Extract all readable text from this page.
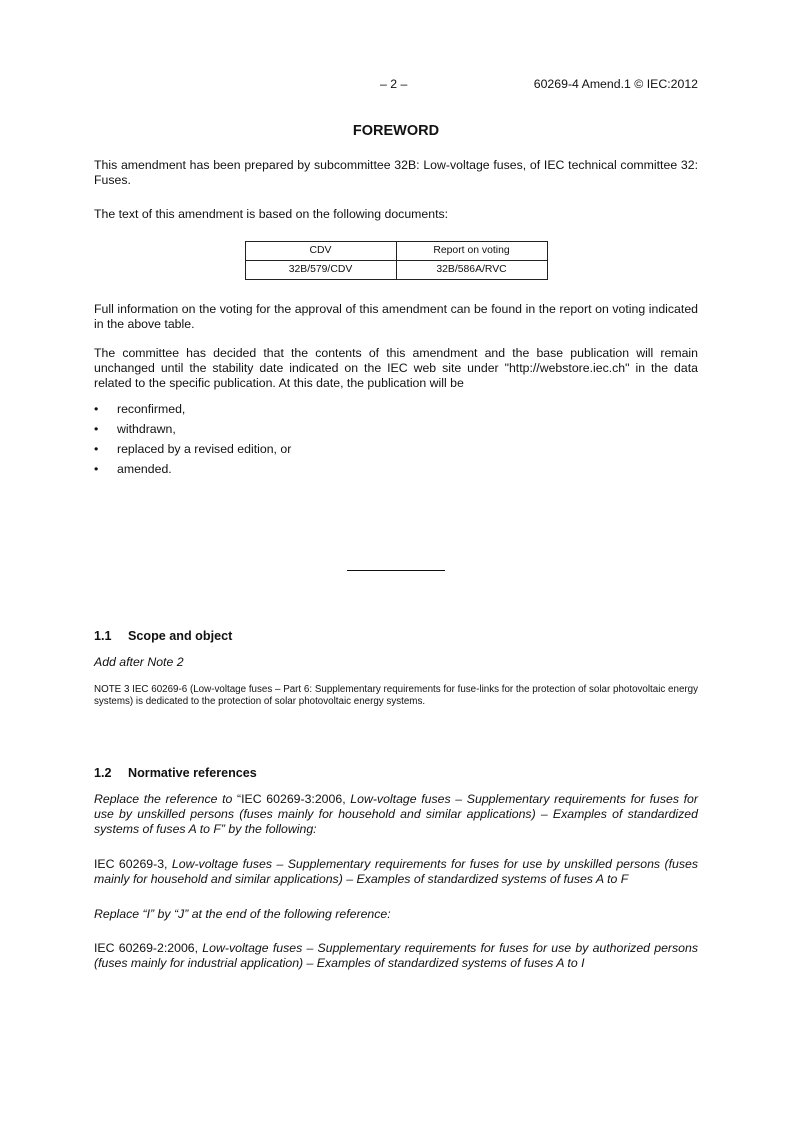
– 2 –	60269-4 Amend.1 © IEC:2012
FOREWORD

This amendment has been prepared by subcommittee 32B: Low-voltage fuses, of IEC technical committee 32: Fuses.

The text of this amendment is based on the following documents:

CDV	Report on voting
32B/579/CDV	32B/586A/RVC

Full information on the voting for the approval of this amendment can be found in the report on voting indicated in the above table.

The committee has decided that the contents of this amendment and the base publication will remain unchanged until the stability date indicated on the IEC web site under "http://webstore.iec.ch" in the data related to the specific publication. At this date, the publication will be

• reconfirmed,
• withdrawn,
• replaced by a revised edition, or
• amended.
1.1 Scope and object

Add after Note 2

NOTE 3 IEC 60269-6 (Low-voltage fuses – Part 6: Supplementary requirements for fuse-links for the protection of solar photovoltaic energy systems) is dedicated to the protection of solar photovoltaic energy systems.

1.2 Normative references

Replace the reference to “IEC 60269-3:2006, Low-voltage fuses – Supplementary requirements for fuses for use by unskilled persons (fuses mainly for household and similar applications) – Examples of standardized systems of fuses A to F” by the following:

IEC 60269-3, Low-voltage fuses – Supplementary requirements for fuses for use by unskilled persons (fuses mainly for household and similar applications) – Examples of standardized systems of fuses A to F

Replace “I” by “J” at the end of the following reference:

IEC 60269-2:2006, Low-voltage fuses – Supplementary requirements for fuses for use by authorized persons (fuses mainly for industrial application) – Examples of standardized systems of fuses A to I
